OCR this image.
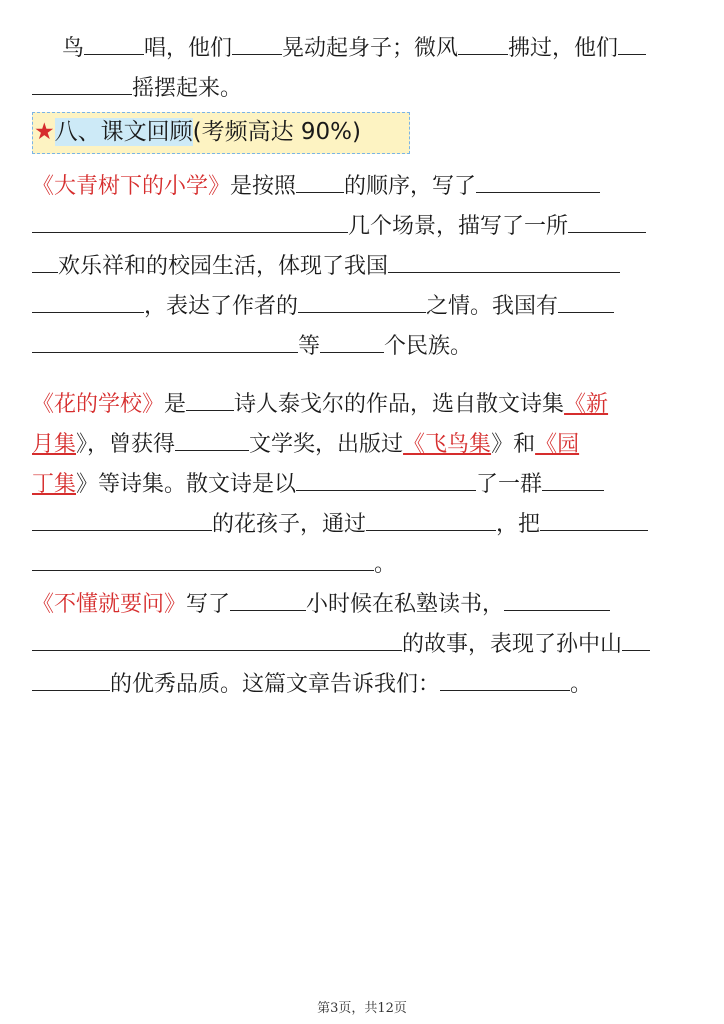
鸟	唱，他们 晃动起身子；微风 拂过，他们
摇摆起来。
★八、课文回顾(考频高达 90%)
《大青树下的小学》是按照 的顺序，写了
几个场景，描写了一所
欢乐祥和的校园生活，体现了我国
，表达了作者的	之情。我国有
等	个民族。
《花的学校》是 诗人泰戈尔的作品，选自散文诗集《新
月集》，曾获得	文学奖，出版过《飞鸟集》和《园
丁集》等诗集。散文诗是以	了一群
的花孩子，通过	，把
。
《不懂就要问》写了	小时候在私塾读书，
的故事，表现了孙中山
的优秀品质。这篇文章告诉我们：	。
第3页，共12页
